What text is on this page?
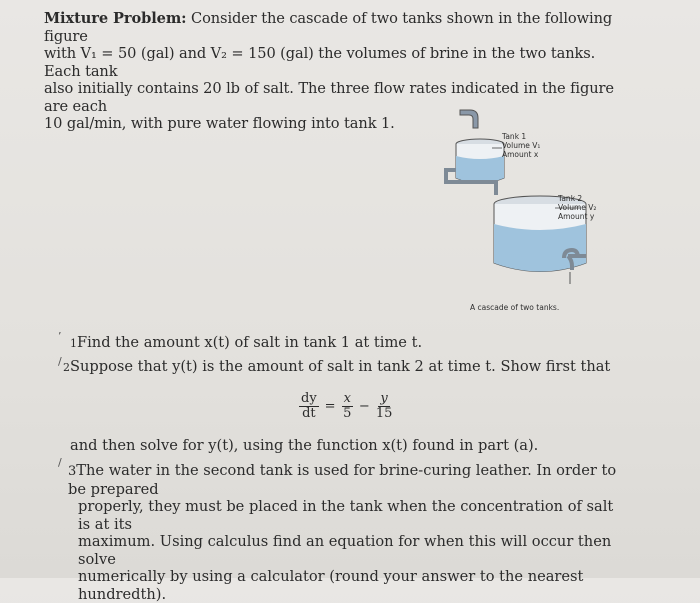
Mixture Problem: Consider the cascade of two tanks shown in the following figure
with V₁ = 50 (gal) and V₂ = 150 (gal) the volumes of brine in the two tanks. Each tank
also initially contains 20 lb of salt. The three flow rates indicated in the figure are each
10 gal/min, with pure water flowing into tank 1.
Tank 1
Volume V₁
Amount x
Tank 2
Volume V₂
Amount y
A cascade of two tanks.
’
1Find the amount x(t) of salt in tank 1 at time t.
/ 2Suppose that y(t) is the amount of salt in tank 2 at time t. Show first that
$\frac{dy}{dt} = \frac{x}{5} - \frac{y}{15}$
and then solve for y(t), using the function x(t) found in part (a).
/
3The water in the second tank is used for brine-curing leather. In order to be prepared
properly, they must be placed in the tank when the concentration of salt is at its
maximum. Using calculus find an equation for when this will occur then solve
numerically by using a calculator (round your answer to the nearest hundredth).
